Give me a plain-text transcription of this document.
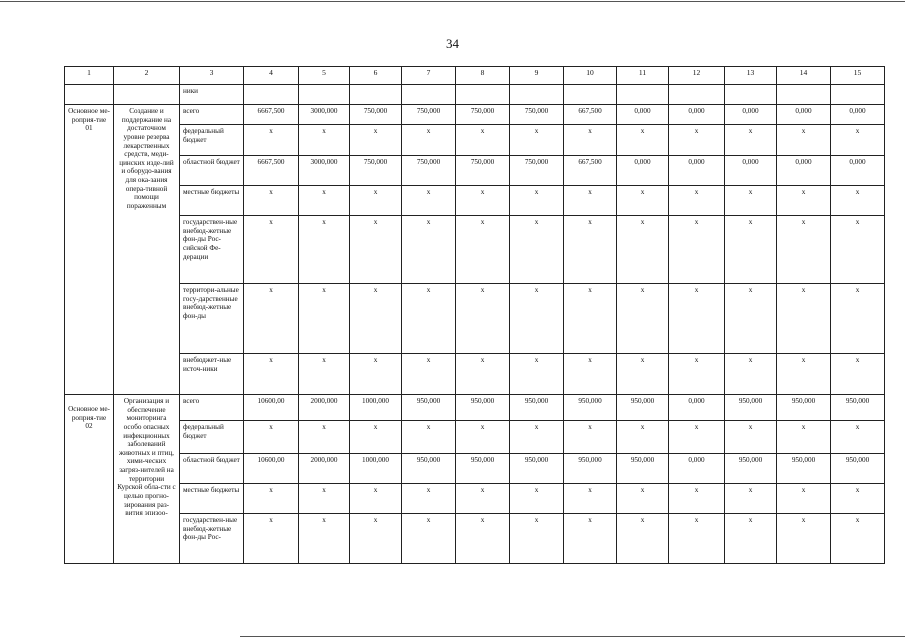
34
1	2	3	4	5	6	7	8	9	10	11	12	13	14	15
		ники												
Основное ме-роприя-тие 01	Создание и поддержание на достаточном уровне резерва лекарственных средств, меди-цинских изде-лий и оборудо-вания для ока-зания опера-тивной помощи пораженным	всего	6667,500	3000,000	750,000	750,000	750,000	750,000	667,500	0,000	0,000	0,000	0,000	0,000
		федеральный бюджет	x	x	x	x	x	x	x	x	x	x	x	x
		областной бюджет	6667,500	3000,000	750,000	750,000	750,000	750,000	667,500	0,000	0,000	0,000	0,000	0,000
		местные бюджеты	x	x	x	x	x	x	x	x	x	x	x	x
		государствен-ные внебюд-жетные фон-ды Рос-сийской Фе-дерации	x	x	x	x	x	x	x	x	x	x	x	x
		территори-альные госу-дарственные внебюд-жетные фон-ды	x	x	x	x	x	x	x	x	x	x	x	x
		внебюджет-ные источ-ники	x	x	x	x	x	x	x	x	x	x	x	x
Основное ме-роприя-тие 02	Организация и обеспечение мониторинга особо опасных инфекционных заболеваний животных и птиц, хими-ческих загряз-нителей на территории Курской обла-сти с целью прогно-зирования раз-вития эпизоо-	всего	10600,00	2000,000	1000,000	950,000	950,000	950,000	950,000	950,000	0,000	950,000	950,000	950,000
		федеральный бюджет	x	x	x	x	x	x	x	x	x	x	x	x
		областной бюджет	10600,00	2000,000	1000,000	950,000	950,000	950,000	950,000	950,000	0,000	950,000	950,000	950,000
		местные бюджеты	x	x	x	x	x	x	x	x	x	x	x	x
		государствен-ные внебюд-жетные фон-ды Рос-	x	x	x	x	x	x	x	x	x	x	x	x
